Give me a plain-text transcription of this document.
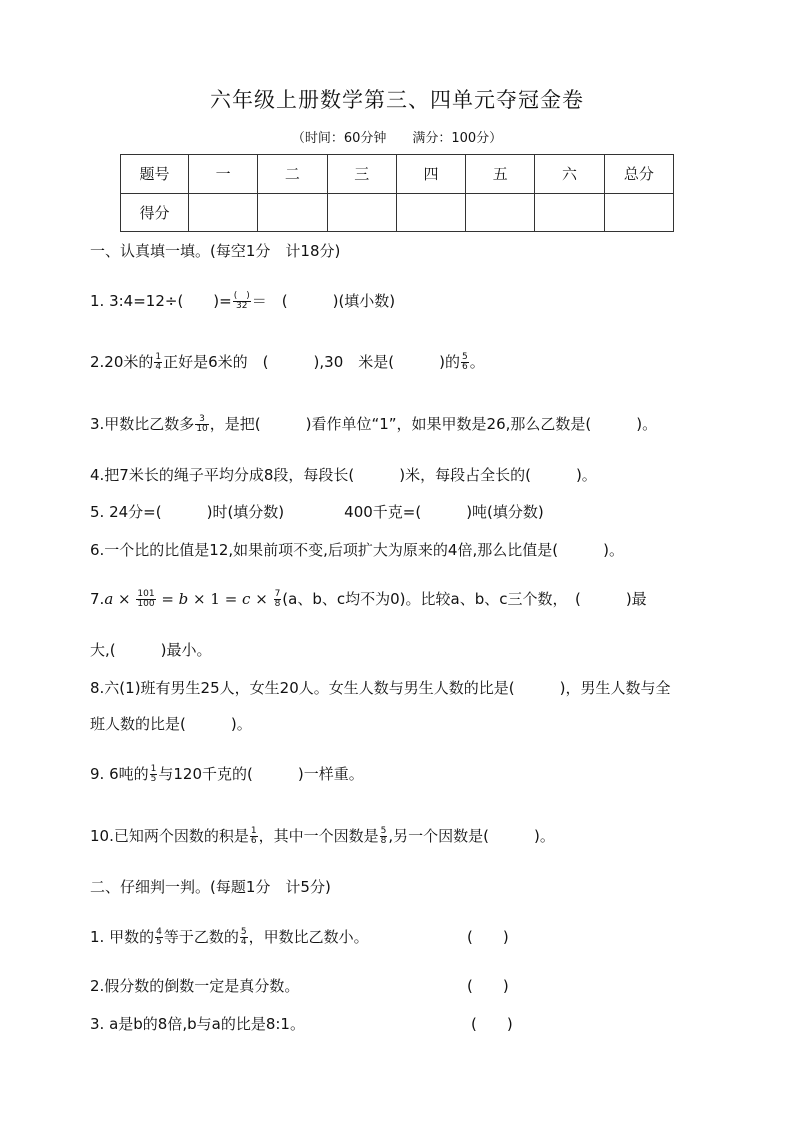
六年级上册数学第三、四单元夺冠金卷
（时间：60分钟　　满分：100分）
题号	一	二	三	四	五	六	总分
得分							
一、认真填一填。(每空1分　计18分)
1. 3:4=12÷(　　)= $\frac{( )}{32}$ ＝　(　　　)(填小数)
2.20米的 $\frac{1}{4}$ 正好是6米的　(　　　),30　米是(　　　)的 $\frac{5}{6}$ 。
3.甲数比乙数多 $\frac{3}{10}$ ，是把(　　　)看作单位“1”，如果甲数是26,那么乙数是(　　　)。
4.把7米长的绳子平均分成8段，每段长(　　　)米，每段占全长的(　　　)。
5. 24分=(　　　)时(填分数)　　　　400千克=(　　　)吨(填分数)
6.一个比的比值是12,如果前项不变,后项扩大为原来的4倍,那么比值是(　　　)。
$7.a \times \frac{101}{100} = b \times 1 = c \times \frac{7}{8} (a$、b、c均不为0)。比较a、b、c三个数，　(　　　)最
大,(　　　)最小。
8.六(1)班有男生25人，女生20人。女生人数与男生人数的比是(　　　)，男生人数与全
班人数的比是(　　　)。
9. 6吨的 $\frac{1}{5}$ 与120千克的(　　　)一样重。
10.已知两个因数的积是 $\frac{1}{6}$ ，其中一个因数是 $\frac{5}{8}$ ,另一个因数是(　　　)。
二、仔细判一判。(每题1分　计5分)
1. 甲数的 $\frac{4}{5}$ 等于乙数的 $\frac{5}{4}$ ，甲数比乙数小。	(　　)
2.假分数的倒数一定是真分数。	(　　)
3. a是b的8倍,b与a的比是8:1。	(　　)
